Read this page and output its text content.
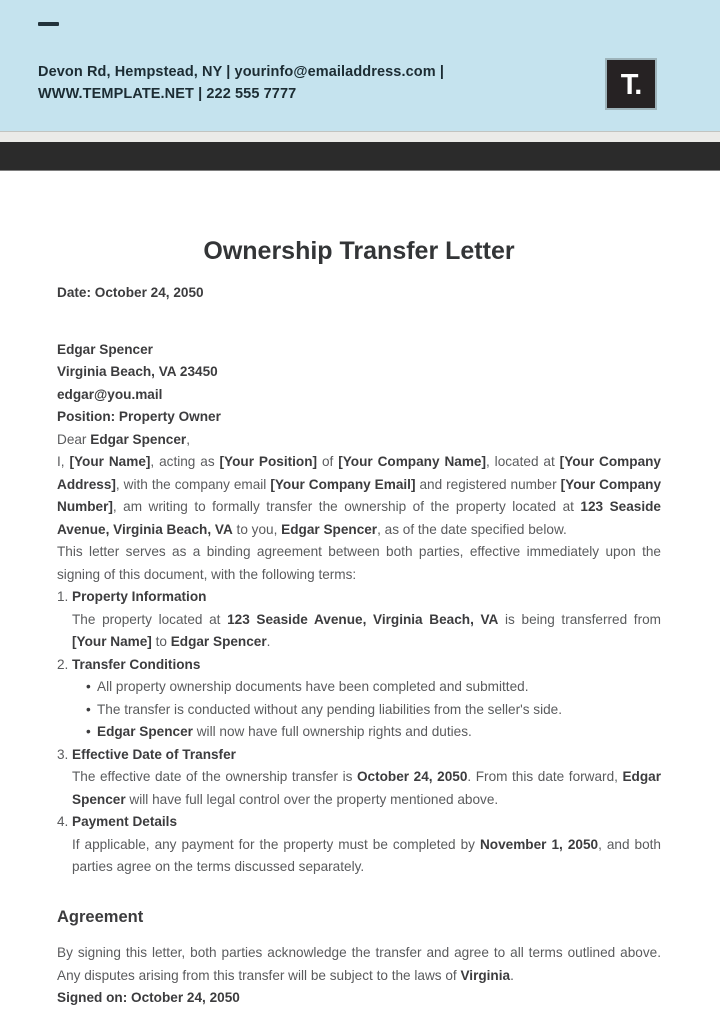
Devon Rd, Hempstead, NY | yourinfo@emailaddress.com |
WWW.TEMPLATE.NET | 222 555 7777	T.
Ownership Transfer Letter
Date: October 24, 2050
Edgar Spencer
Virginia Beach, VA 23450
edgar@you.mail
Position: Property Owner

Dear Edgar Spencer,

I, [Your Name], acting as [Your Position] of [Your Company Name], located at [Your Company Address], with the company email [Your Company Email] and registered number [Your Company Number], am writing to formally transfer the ownership of the property located at 123 Seaside Avenue, Virginia Beach, VA to you, Edgar Spencer, as of the date specified below.

This letter serves as a binding agreement between both parties, effective immediately upon the signing of this document, with the following terms:

1. Property Information
The property located at 123 Seaside Avenue, Virginia Beach, VA is being transferred from [Your Name] to Edgar Spencer.
2. Transfer Conditions
• All property ownership documents have been completed and submitted.
• The transfer is conducted without any pending liabilities from the seller's side.
• Edgar Spencer will now have full ownership rights and duties.
3. Effective Date of Transfer
The effective date of the ownership transfer is October 24, 2050. From this date forward, Edgar Spencer will have full legal control over the property mentioned above.
4. Payment Details
If applicable, any payment for the property must be completed by November 1, 2050, and both parties agree on the terms discussed separately.
Agreement

By signing this letter, both parties acknowledge the transfer and agree to all terms outlined above. Any disputes arising from this transfer will be subject to the laws of Virginia.

Signed on: October 24, 2050
